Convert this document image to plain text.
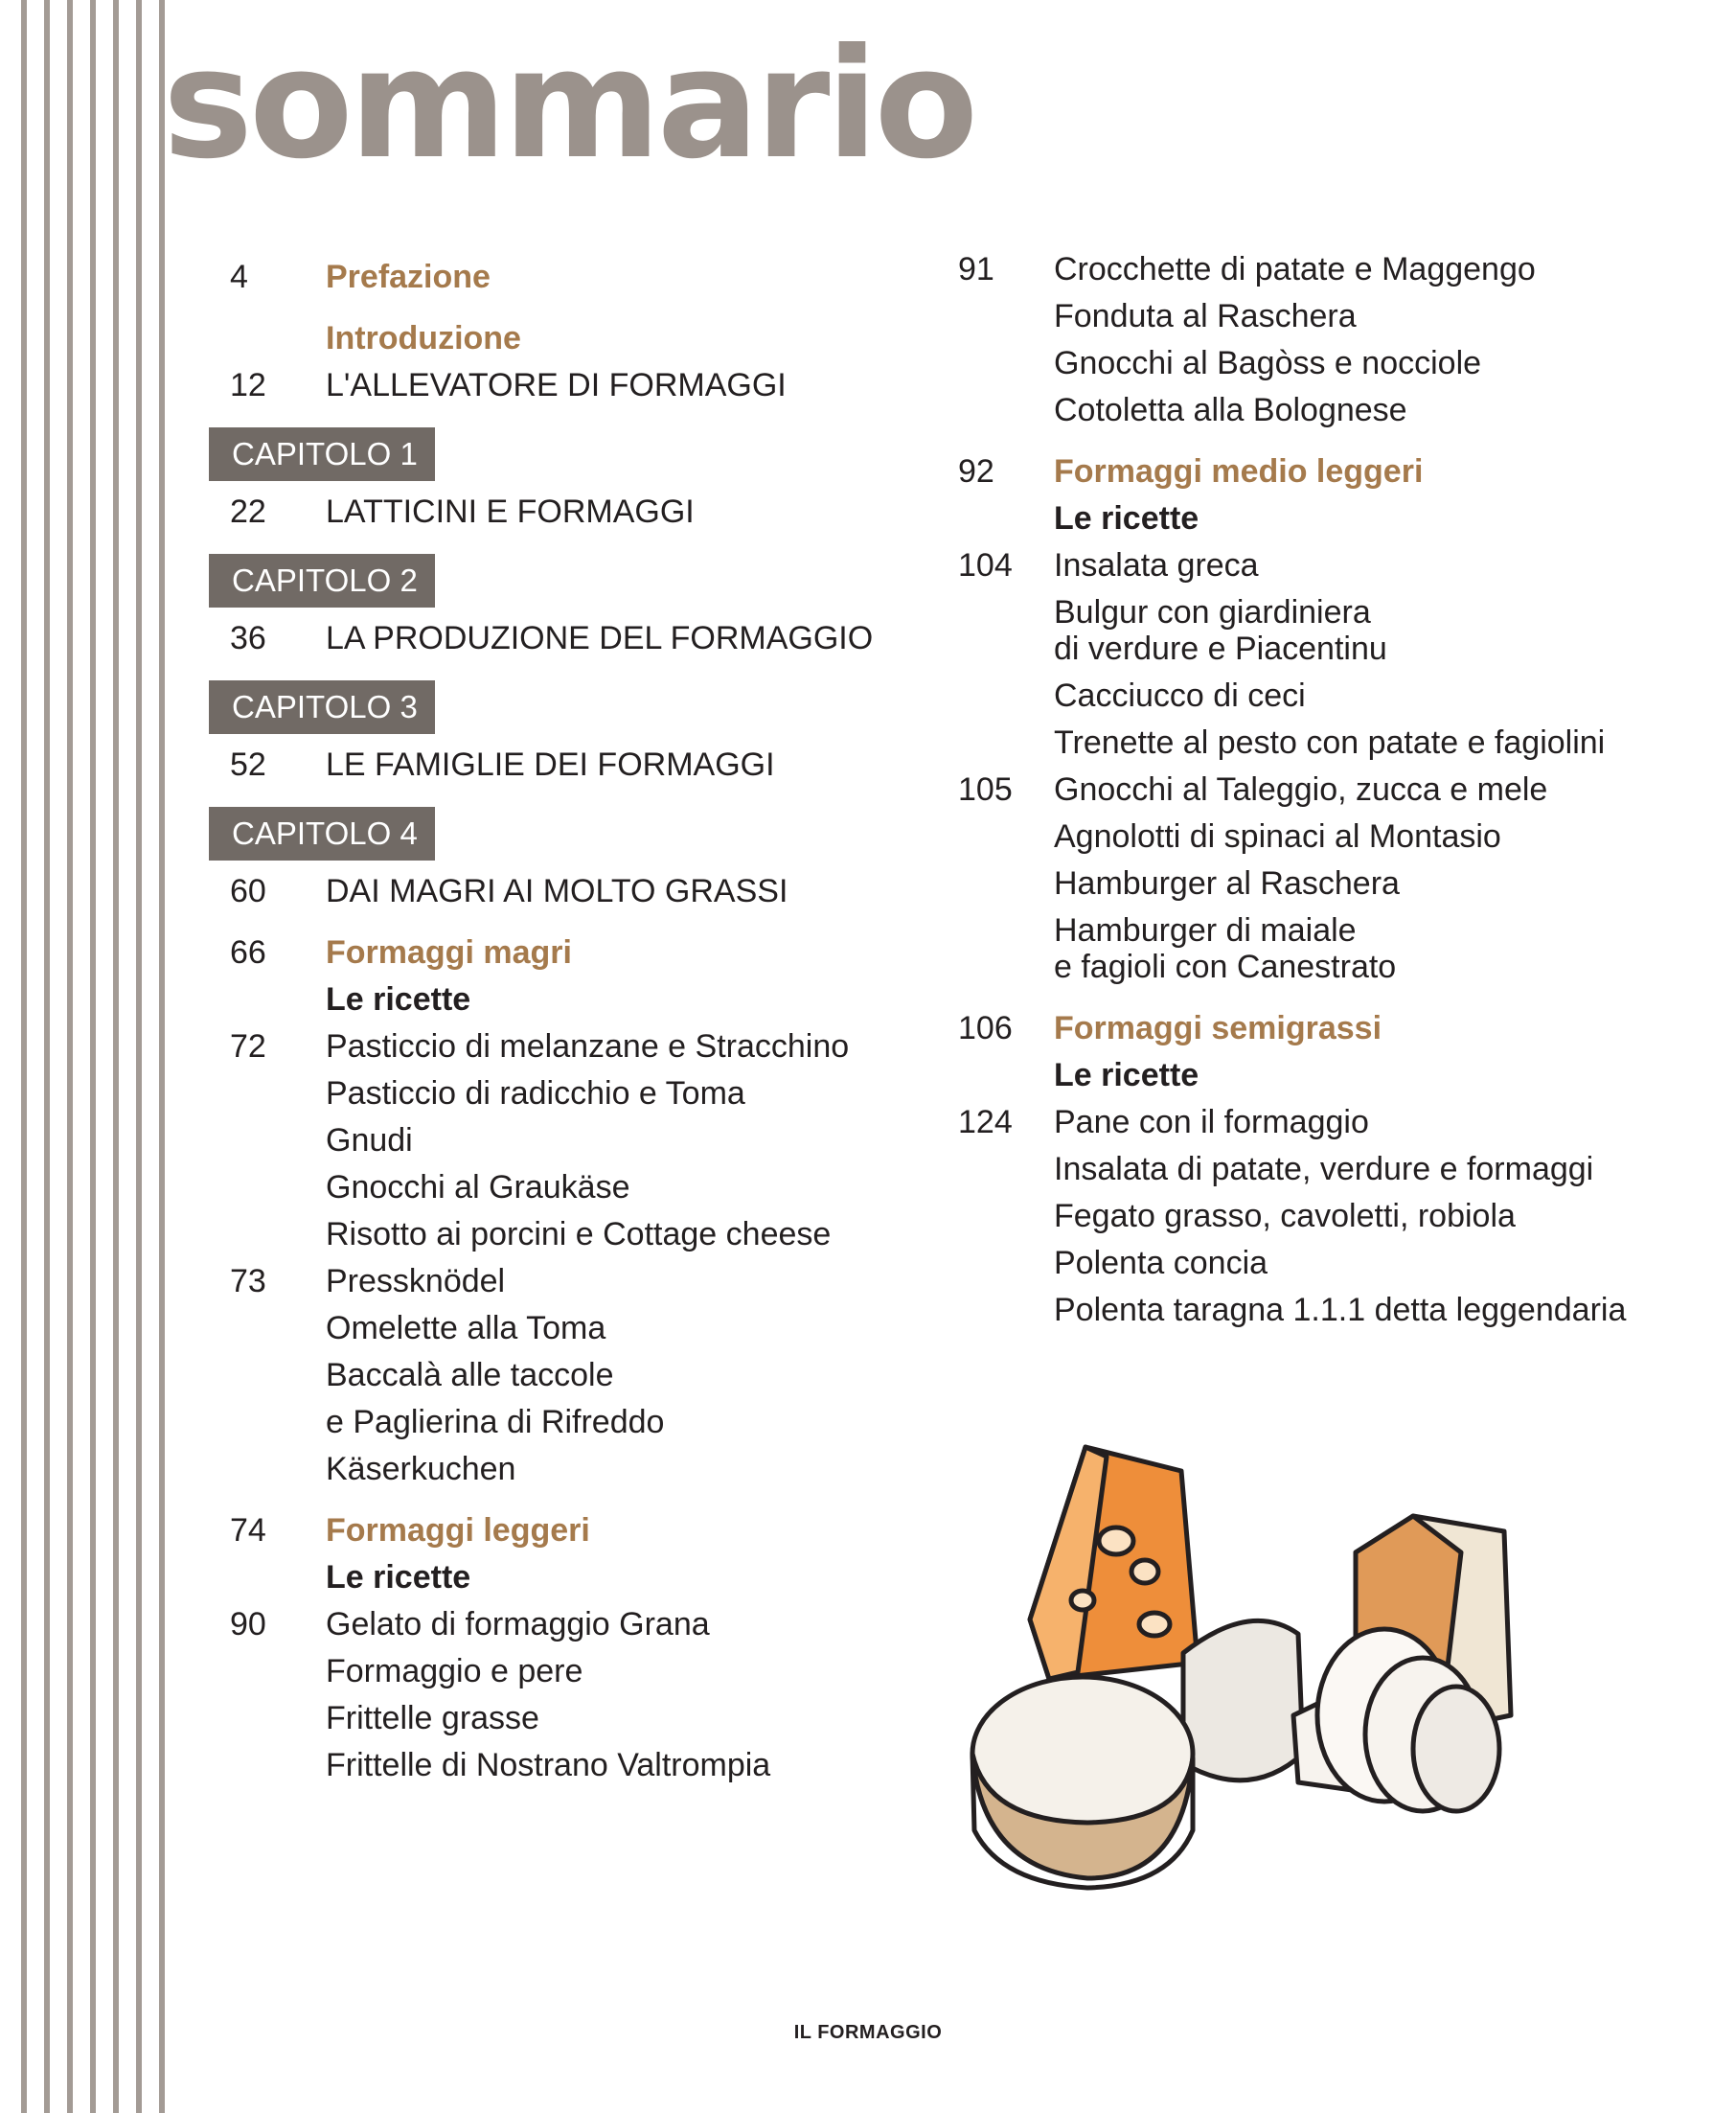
sommario
4	Prefazione
Introduzione
12	L'ALLEVATORE DI FORMAGGI
CAPITOLO 1
22	LATTICINI E FORMAGGI
CAPITOLO 2
36	LA PRODUZIONE DEL FORMAGGIO
CAPITOLO 3
52	LE FAMIGLIE DEI FORMAGGI
CAPITOLO 4
60	DAI MAGRI AI MOLTO GRASSI
66	Formaggi magri
Le ricette
72	Pasticcio di melanzane e Stracchino
Pasticcio di radicchio e Toma
Gnudi
Gnocchi al Graukäse
Risotto ai porcini e Cottage cheese
73	Pressknödel
Omelette alla Toma
Baccalà alle taccole
e Paglierina di Rifreddo
Käserkuchen
74	Formaggi leggeri
Le ricette
90	Gelato di formaggio Grana
Formaggio e pere
Frittelle grasse
Frittelle di Nostrano Valtrompia
91	Crocchette di patate e Maggengo
Fonduta al Raschera
Gnocchi al Bagòss e nocciole
Cotoletta alla Bolognese
92	Formaggi medio leggeri
Le ricette
104	Insalata greca
Bulgur con giardiniera
di verdure e Piacentinu
Cacciucco di ceci
Trenette al pesto con patate e fagiolini
105	Gnocchi al Taleggio, zucca e mele
Agnolotti di spinaci al Montasio
Hamburger al Raschera
Hamburger di maiale
e fagioli con Canestrato
106	Formaggi semigrassi
Le ricette
124	Pane con il formaggio
Insalata di patate, verdure e formaggi
Fegato grasso, cavoletti, robiola
Polenta concia
Polenta taragna 1.1.1 detta leggendaria
IL FORMAGGIO
